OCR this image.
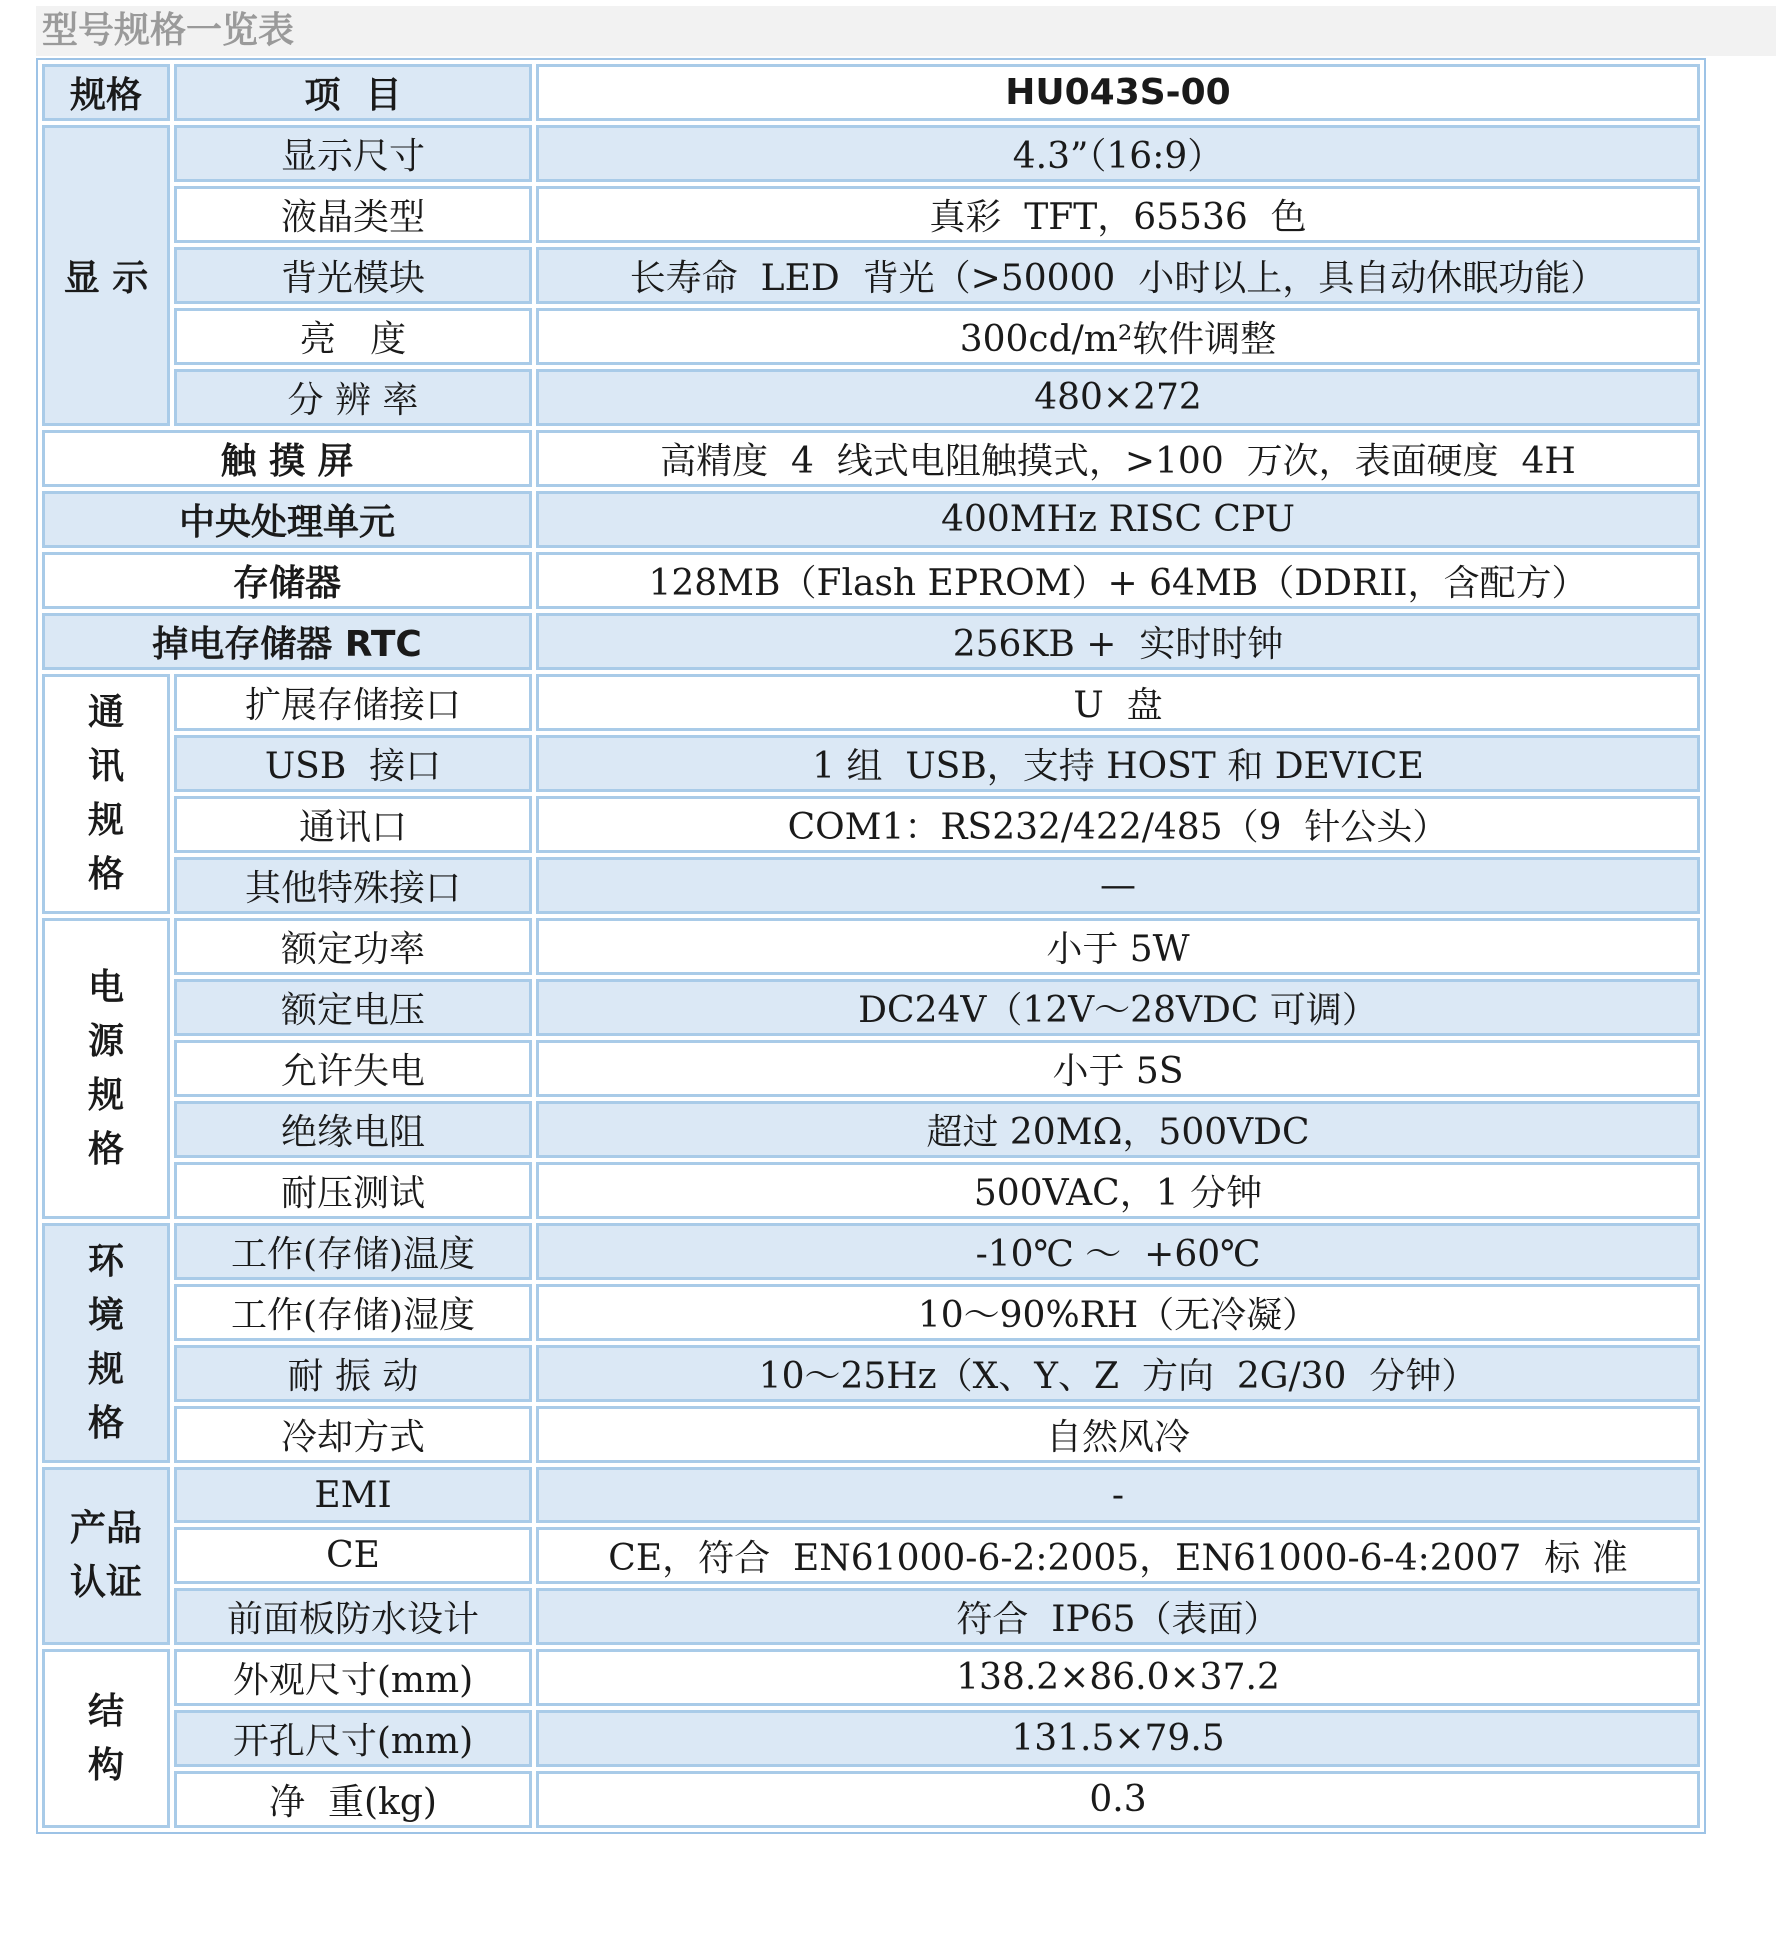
型号规格一览表
规格	项  目	HU043S-00
显 示	显示尺寸	4.3”（16:9）
	液晶类型	真彩  TFT，65536  色
	背光模块	长寿命  LED  背光（>50000  小时以上，具自动休眠功能）
	亮   度	300cd/m²软件调整
	分 辨 率	480×272
触 摸 屏		高精度  4  线式电阻触摸式，>100  万次，表面硬度  4H
中央处理单元		400MHz RISC CPU
存储器		128MB（Flash EPROM）+ 64MB（DDRII，含配方）
掉电存储器 RTC		256KB +  实时时钟

通
讯
规
格	扩展存储接口	U  盘
	USB  接口	1 组  USB，支持 HOST 和 DEVICE
	通讯口	COM1：RS232/422/485（9  针公头）
	其他特殊接口	—

电
源
规
格	额定功率	小于 5W
	额定电压	DC24V（12V～28VDC 可调）
	允许失电	小于 5S
	绝缘电阻	超过 20MΩ，500VDC
	耐压测试	500VAC，1 分钟

环
境
规
格	工作(存储)温度	-10℃ ～  +60℃
	工作(存储)湿度	10～90%RH（无冷凝）
	耐 振 动	10～25Hz（X、Y、Z  方向  2G/30  分钟）
	冷却方式	自然风冷

产品
认证	EMI	-
	CE	CE，符合  EN61000-6-2:2005，EN61000-6-4:2007  标 准
	前面板防水设计	符合  IP65（表面）

结
构	外观尺寸(mm)	138.2×86.0×37.2
	开孔尺寸(mm)	131.5×79.5
	净  重(kg)	0.3
